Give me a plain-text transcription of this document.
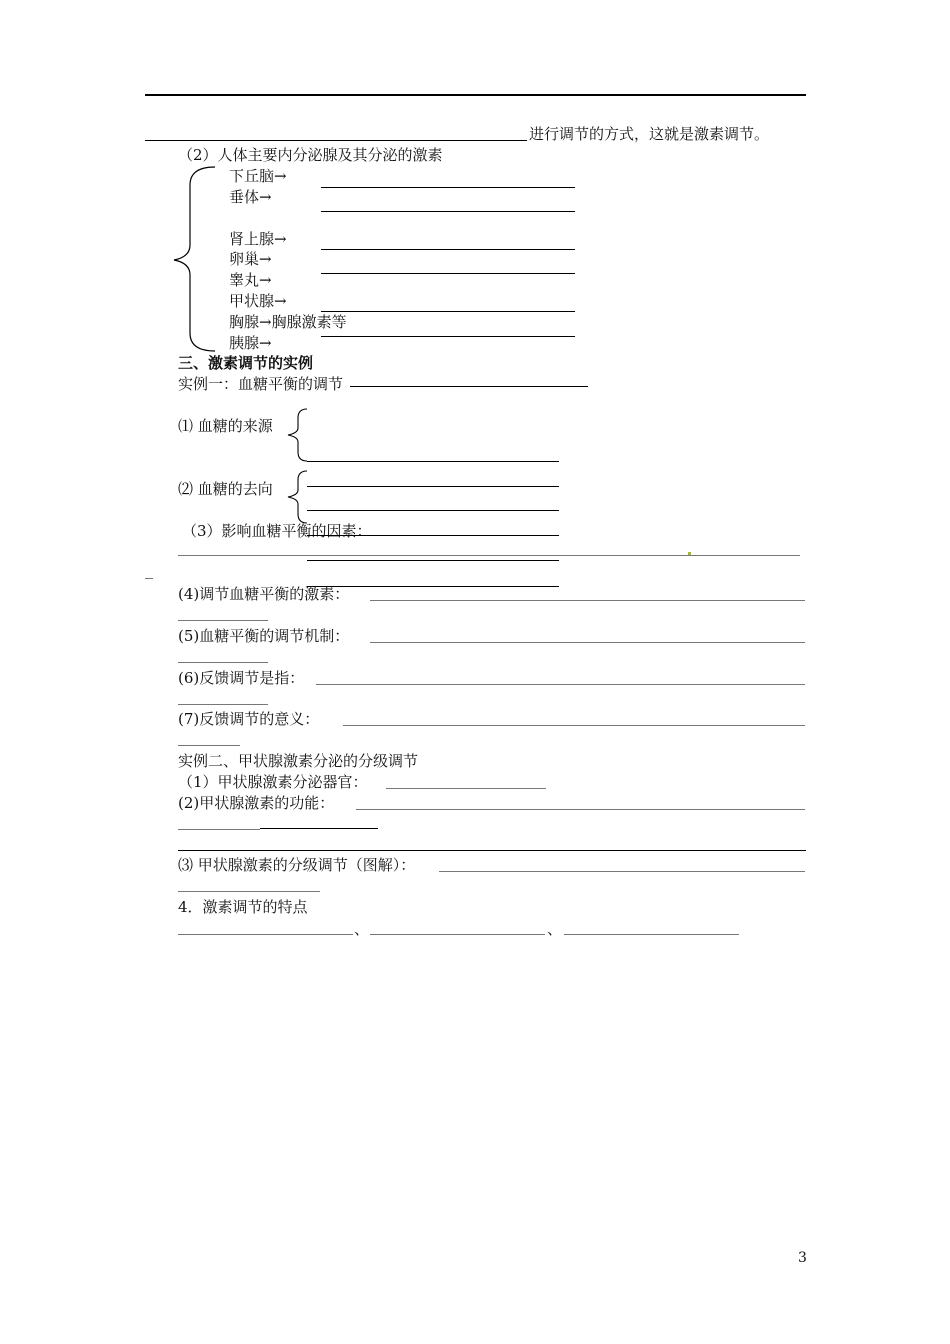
进行调节的方式，这就是激素调节。
（2）人体主要内分泌腺及其分泌的激素
下丘脑→
垂体→
肾上腺→
卵巢→
睾丸→
甲状腺→
胸腺→胸腺激素等
胰腺→
三、激素调节的实例
实例一：血糖平衡的调节
⑴ 血糖的来源
⑵ 血糖的去向
（3）影响血糖平衡的因素：
(4)调节血糖平衡的激素：
(5)血糖平衡的调节机制：
(6)反馈调节是指：
(7)反馈调节的意义：
实例二、甲状腺激素分泌的分级调节
（1）甲状腺激素分泌器官：
(2)甲状腺激素的功能：
⑶ 甲状腺激素的分级调节（图解）：
4．激素调节的特点
、	、
3
